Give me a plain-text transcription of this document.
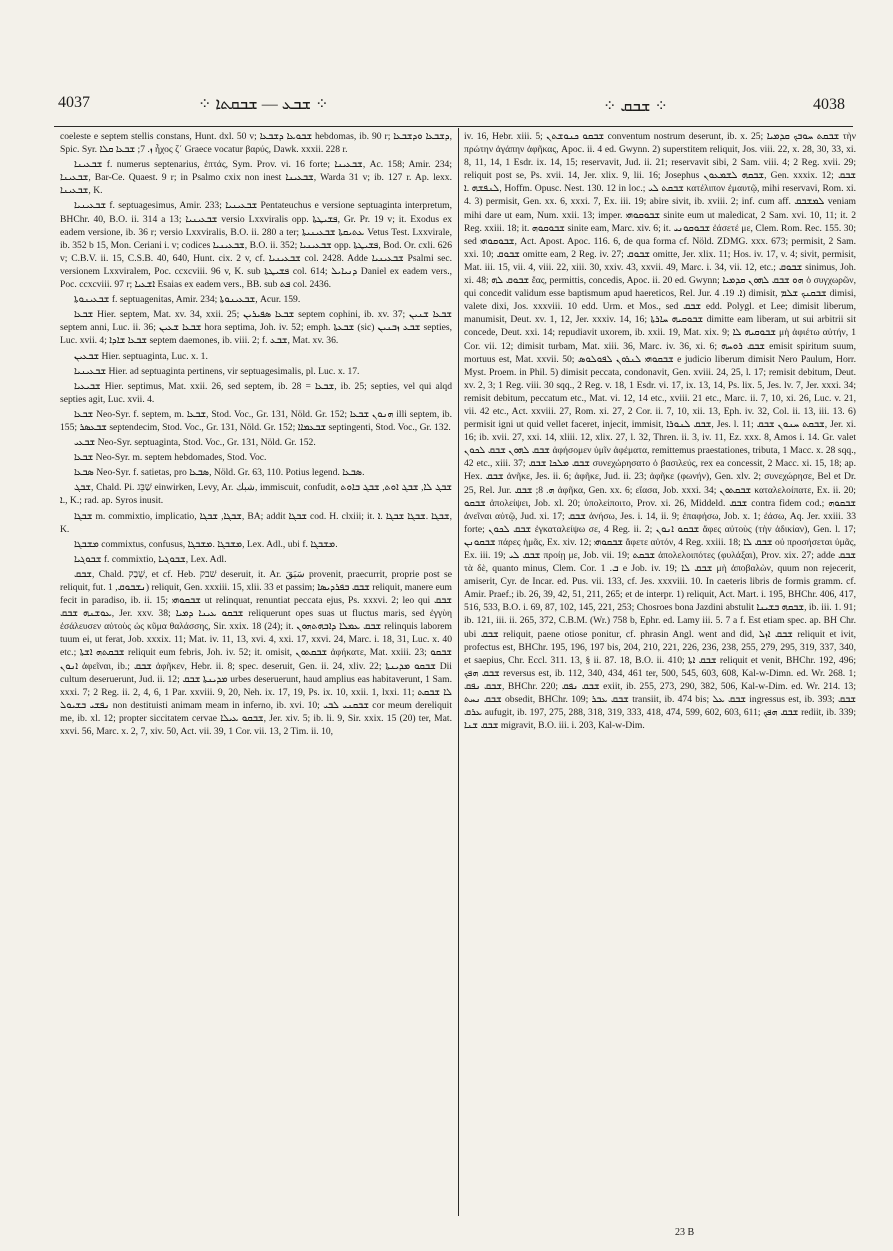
4037	⁘ ܫܒܥ — ܫܒܩܬܐ ⁘	⁘ ܫܒܩ ⁘	4038

coeleste e septem stellis constans, Hunt. dxl. 50 v; ܫܒܘܥܐ ܕܫܒܥܐ hebdomas, ib. 90 r; ܕܫܒܥܐ ܘܕܫܒܥܐ, Spic. Syr. ܙ. 7; ܫܒܥܐ ܩܠܐ ἦχος ζ΄ Graece vocatur βαρύς, Dawk. xxxii. 228 r.

ܫܒܥܝܢܐ f. numerus septenarius, ἑπτάς, Sym. Prov. vi. 16 forte; ܫܒܥܝܢܐ, Ac. 158; Amir. 234; ܫܒܥܝܢܐ, Bar-Ce. Quaest. 9 r; in Psalmo cxix non inest ܫܒܥܝܢܐ, Warda 31 v; ib. 127 r. Ap. lexx. ܫܒܥܝܢܐ, K.

ܫܒܥܝܢܝܐ f. septuagesimus, Amir. 233; ܫܒܥܝܢܝܐ Pentateuchus e versione septuaginta interpretum, BHChr. 40, B.O. ii. 314 a 13; ܫܒܥܝܢܝܐ versio Lxxviralis opp. ܦܫܝܛܬܐ, Gr. Pr. 19 v; it. Exodus ex eadem versione, ib. 36 r; versio Lxxviralis, B.O. ii. 280 a ter; ܥܬܝܩܬܐ ܫܒܥܝܢܝܬܐ Vetus Test. Lxxvirale, ib. 352 b 15, Mon. Ceriani i. v; codices ܫܒܥܝܢܝܐ, B.O. ii. 352; ܫܒܥܝܢܝܐ opp. ܦܫܝܛܬܐ, Bod. Or. cxli. 626 v; C.B.V. ii. 15, C.S.B. 40, 640, Hunt. cix. 2 v, cf. ܫܒܥܝܢܝܐ col. 2428. Adde ܫܒܥܝܢܝܐ Psalmi sec. versionem Lxxviralem, Poc. ccxcviii. 96 v, K. sub ܦܫܝܛܬܐ col. 614; ܕܢܝܐܝܠ Daniel ex eadem vers., Poc. ccxcviii. 97 r; ܐܫܥܝܐ Esaias ex eadem vers., BB. sub ܦܬ col. 2436.

ܫܒܥܝܢܘܬܐ f. septuagenitas, Amir. 234; ܫܒܥܝܢܘܬܐ, Acur. 159.

ܫܒܥܐ Hier. septem, Mat. xv. 34, xxii. 25; ܫܒܥܐ ܣܦܝܪܝܢ septem cophini, ib. xv. 37; ܫܒܥܐ ܫܢܝܢ septem anni, Luc. ii. 36; ܫܒܥܐ ܫܥܝܢ hora septima, Joh. iv. 52; emph. ܫܒܥܬܐ (sic) ܫܒܥ ܙܒܢܝܢ septies, Luc. xvii. 4; ܫܒܥܐ ܫܐܕܐ septem daemones, ib. viii. 2; f. ܫܒܥ, Mat. xv. 36.

ܫܒܥܝܢ Hier. septuaginta, Luc. x. 1.

ܫܒܥܝܢܝܐ Hier. ad septuaginta pertinens, vir septuagesimalis, pl. Luc. x. 17.

ܫܒܝܥܝܐ Hier. septimus, Mat. xxii. 26, sed septem, ib. 28 = ܫܒܥܐ, ib. 25; septies, vel qui alqd septies agit, Luc. xvii. 4.

ܫܒܥܐ Neo-Syr. f. septem, m. ܫܒܥܐ, Stod. Voc., Gr. 131, Nöld. Gr. 152; ܗܢܘܢ ܫܒܥܐ illi septem, ib. 155; ܫܒܥܣܪ septendecim, Stod. Voc., Gr. 131, Nöld. Gr. 152; ܫܒܥܡܐܐ septingenti, Stod. Voc., Gr. 132.

ܫܒܥܝ Neo-Syr. septuaginta, Stod. Voc., Gr. 131, Nöld. Gr. 152.

ܫܒܥܐ Neo-Syr. m. septem hebdomades, Stod. Voc.

ܣܒܥܐ Neo-Syr. f. satietas, pro ܣܒܥܐ, Nöld. Gr. 63, 110. Potius legend. ܣܒܥܐ.

ܫܒܓ, Chald. Pi. שַׁבֵּג einwirken, Levy, Ar. شبك, immiscuit, confudit, ܫܒܓ ܠܐ, ܫܒܓ ܐܘܬ, ܫܒܓ ܒܐܘܬ .ܐ, K.; rad. ap. Syros inusit.

ܫܒܓܐ m. commixtio, implicatio, ܫܒܓܐ, ܫܒܓܐ, BA; addit ܫܒܓܐ cod. H. clxiii; it. ܫܒܓܐ .ܫܒܓܐ ܫܒܓܐ .ܐ, K.

ܡܫܒܓܐ commixtus, confusus, ܡܫܒܓܐ .ܡܫܒܓܐ, Lex. Adl., ubi f. ܡܫܒܓܐ.

ܫܒܘܓܝܐ f. commixtio, ܫܒܘܓܝܐ, Lex. Adl.

ܫܒܩ, Chald. שְׁבַק, et cf. Heb. שׁבק deseruit, it. Ar. سَبَقَ provenit, praecurrit, proprie post se reliquit, fut. ܢܫܒܘܩ, 1) reliquit, Gen. xxxiii. 15, xlii. 33 et passim; ܫܒܩ ܒܦܪܕܝܣܐ reliquit, manere eum fecit in paradiso, ib. ii. 15; ܫܒܩܘܗܝ ut relinquat, renuntiat peccata ejus, Ps. xxxvi. 2; leo qui ܫܒܩ ܥܘܫܢܗ ܫܒܩ, Jer. xxv. 38; ܫܒܩܘ ܥܝܢܐ ܕܡܝܐ reliquerunt opes suas ut fluctus maris, sed ἐγγὺη ἐσάλευσεν αὐτοὺς ὡς κῦμα θαλάσσης, Sir. xxix. 18 (24); it. ܫܒܩ ܥܡܠܐ ܕܐܒܗܬܗܘܢ relinquis laborem tuum ei, ut ferat, Job. xxxix. 11; Mat. iv. 11, 13, xvi. 4, xxi. 17, xxvi. 24, Marc. i. 18, 31, Luc. x. 40 etc.; ܫܒܩܬܗ ܐܫܬܐ reliquit eum febris, Joh. iv. 52; it. omisit, ܫܒܩܬܘܢ ἀφήκατε, Mat. xxiii. 23; ܫܒܩܘ ܐܢܘܢ ἀφεῖναι, ib.; ܫܒܩ ἀφῆκεν, Hebr. ii. 8; spec. deseruit, Gen. ii. 24, xliv. 22; ܫܒܩܘ ܡܕܝܢܬܐ Dii cultum deseruerunt, Jud. ii. 12; ܡܕܝܢܬܐ ܫܒܩ urbes deseruerunt, haud amplius eas habitaverunt, 1 Sam. xxxi. 7; 2 Reg. ii. 2, 4, 6, 1 Par. xxviii. 9, 20, Neh. ix. 17, 19, Ps. ix. 10, xxii. 1, lxxi. 11; ܠܐ ܫܒܩܬ ܢܦܫܝ ܒܫܝܘܠ non destituisti animam meam in inferno, ib. xvi. 10; ܫܒܩܢܝ ܠܒܝ cor meum dereliquit me, ib. xl. 12; propter siccitatem cervae ܫܒܩܘ ܥܝܠܐ, Jer. xiv. 5; ib. li. 9, Sir. xxix. 15 (20) ter, Mat. xxvi. 56, Marc. x. 2, 7, xiv. 50, Act. vii. 39, 1 Cor. vii. 13, 2 Tim. ii. 10,

iv. 16, Hebr. xiii. 5; ܫܒܩܘ ܟܢܘܫܬܢ conventum nostrum deserunt, ib. x. 25; ܫܒܩܬ ܚܘܒܟ ܩܕܡܝܐ τὴν πρώτην ἀγάπην ἀφῆκας, Apoc. ii. 4 ed. Gwynn. 2) superstitem reliquit, Jos. viii. 22, x. 28, 30, 33, xi. 8, 11, 14, 1 Esdr. ix. 14, 15; reservavit, Jud. ii. 21; reservavit sibi, 2 Sam. viii. 4; 2 Reg. xvii. 29; reliquit post se, Ps. xvii. 14, Jer. xlix. 9, lii. 16; Josephus ܫܒܩܗ ܠܫܡܥܘܢ, Gen. xxxix. 12; ܫܒܩ ܠܢܦܫܗ .ܐ, Hoffm. Opusc. Nest. 130. 12 in loc.; ܫܒܩܬ ܠܝ κατέλιπον ἐμαυτῷ, mihi reservavi, Rom. xi. 4. 3) permisit, Gen. xx. 6, xxxi. 7, Ex. iii. 19; abire sivit, ib. xviii. 2; inf. cum aff. ܠܡܫܒܩ veniam mihi dare ut eam, Num. xxii. 13; imper. ܫܒܘܩܘܗܝ sinite eum ut maledicat, 2 Sam. xvi. 10, 11; it. 2 Reg. xxiii. 18; it. ܫܒܘܩܘܗ sinite eam, Marc. xiv. 6; it. ܫܒܘܩܘܢܝ ἐάσετέ με, Clem. Rom. Rec. 155. 30; sed ܫܒܘܩܘܗܝ, Act. Apost. Apoc. 116. 6, de qua forma cf. Nöld. ZDMG. xxx. 673; permisit, 2 Sam. xxi. 10; ܫܒܘܩ omitte eam, 2 Reg. iv. 27; ܫܒܘܩ omitte, Jer. xlix. 11; Hos. iv. 17, v. 4; sivit, permisit, Mat. iii. 15, vii. 4, viii. 22, xiii. 30, xxiv. 43, xxvii. 49, Marc. i. 34, vii. 12, etc.; ܫܒܘܩ sinimus, Joh. xi. 48; ܫܒܘܩ ܠܗ ἔας, permittis, concedis, Apoc. ii. 20 ed. Gwynn; ܗܘ ܫܒܩ ܠܗܘܢ ܩܕܡܝܐ ὁ συγχωρῶν, qui concedit validum esse baptismum apud haereticos, Rel. Jur. ܐ. 19. 4) dimisit, ܫܒܩܢܟ ܫܠܡ dimisi, valete dixi, Jos. xxxviii. 10 edd. Urm. et Mos., sed ܫܒܩ edd. Polygl. et Lee; dimisit liberum, manumisit, Deut. xv. 1, 12, Jer. xxxiv. 14, 16; ܫܒܘܩܝܗ ܚܐܪܬܐ dimitte eam liberam, ut sui arbitrii sit concede, Deut. xxi. 14; repudiavit uxorem, ib. xxii. 19, Mat. xix. 9; ܫܒܘܩܝܗ ܠܐ μὴ ἀφιέτω αὐτήν, 1 Cor. vii. 12; dimisit turbam, Mat. xiii. 36, Marc. iv. 36, xi. 6; ܫܒܩ ܪܘܚܗ emisit spiritum suum, mortuus est, Mat. xxvii. 50; ܫܒܩܘܗܝ ܠܢܪܘܢ ܠܦܘܠܘܣ e judicio liberum dimisit Nero Paulum, Horr. Myst. Proem. in Phil. 5) dimisit peccata, condonavit, Gen. xviii. 24, 25, l. 17; remisit debitum, Deut. xv. 2, 3; 1 Reg. viii. 30 sqq., 2 Reg. v. 18, 1 Esdr. vi. 17, ix. 13, 14, Ps. lix. 5, Jes. lv. 7, Jer. xxxi. 34; remisit debitum, peccatum etc., Mat. vi. 12, 14 etc., xviii. 21 etc., Marc. ii. 7, 10, xi. 26, Luc. v. 21, vii. 42 etc., Act. xxviii. 27, Rom. xi. 27, 2 Cor. ii. 7, 10, xii. 13, Eph. iv. 32, Col. ii. 13, iii. 13. 6) permisit igni ut quid vellet faceret, injecit, immisit, ܫܒܩ ܠܢܘܪܐ, Jes. l. 11; ܫܒܩܬ ܚܢܘܢ ܫܒܩ, Jer. xi. 16; ib. xvii. 27, xxi. 14, xliii. 12, xlix. 27, l. 32, Thren. ii. 3, iv. 11, Ez. xxx. 8, Amos i. 14. Gr. valet ܫܒܩ ܠܗܘܢ ܫܒܩ ܠܟܘܢ ἀφήσομεν ὑμῖν ἀφέματα, remittemus praestationes, tributa, 1 Macc. x. 28 sqq., 42 etc., xiii. 37; ܫܒܩ ܡܠܟܐ ܫܒܩ συνεχώρησατο ὁ βασιλεύς, rex ea concessit, 2 Macc. xi. 15, 18; ap. Hex. ܫܒܩ ἀνῆκε, Jes. ii. 6; ἀφῆκε, Jud. ii. 23; ἀφῆκε (φωνήν), Gen. xlv. 2; συνεχώρησε, Bel et Dr. 25, Rel. Jur. ܗ. 8; ܫܒܩ ἀφῆκα, Gen. xx. 6; εἴασα, Job. xxxi. 34; ܫܒܩܬܘܢ καταλελοίπατε, Ex. ii. 20; ܫܒܩܘ ἀπολείψει, Job. xl. 20; ὑπολείποιτο, Prov. xi. 26, Middeld. ܫܒܩ contra fidem cod.; ܫܒܩܘܗ ἀνεῖναι αὐτῷ, Jud. xi. 17; ܫܒܩ ἀνήσω, Jes. i. 14, ii. 9; ἐπαφήσω, Job. x. 1; ἐάσω, Aq. Jer. xxiii. 33 forte; ܫܒܩ ܠܟܘܢ ἐγκαταλείψω σε, 4 Reg. ii. 2; ܫܒܩܘ ܐܢܘܢ ἄφες αὐτοὺς (τὴν ἀδικίαν), Gen. l. 17; ܫܒܩܘܢܢ πάρες ἡμᾶς, Ex. xiv. 12; ܫܒܩܘܗܝ ἄφετε αὐτόν, 4 Reg. xxiii. 18; ܫܒܩ ܠܐ οὐ προσήσεται ὑμᾶς, Ex. iii. 19; ܫܒܩ ܠܝ προίῃ με, Job. vii. 19; ܫܒܩܬ ἀπολελοιπότες (φυλάξαι), Prov. xix. 27; adde ܫܒܩ τὰ δὲ, quanto minus, Clem. Cor. ܒ. 1 e Job. iv. 19; ܫܒܩ ܠܐ μὴ ἀποβαλὼν, quum non rejecerit, amiserit, Cyr. de Incar. ed. Pus. vii. 133, cf. Jes. xxxviii. 10. In caeteris libris de formis gramm. cf. Amir. Praef.; ib. 26, 39, 42, 51, 211, 265; et de interpr. 1) reliquit, Act. Mart. i. 195, BHChr. 406, 417, 516, 533, B.O. i. 69, 87, 102, 145, 221, 253; Chosroes bona Jazdini abstulit ܫܒܩܗ ܒܫܝܢܐ, ib. iii. 1. 91; ib. 121, iii. ii. 265, 372, C.B.M. (Wr.) 758 b, Ephr. ed. Lamy iii. 5. 7 a f. Est etiam spec. ap. BH Chr. ubi ܫܒܩ reliquit, paene otiose ponitur, cf. phrasin Angl. went and did, ܫܒܩ ܐܙܠ reliquit et ivit, profectus est, BHChr. 195, 196, 197 bis, 204, 210, 221, 226, 236, 238, 255, 279, 295, 319, 337, 340, et saepius, Chr. Eccl. 311. 13, § ii. 87. 18, B.O. ii. 410; ܫܒܩ ܐܬܐ reliquit et venit, BHChr. 192, 496; ܫܒܩ ܗܦܟ reversus est, ib. 112, 340, 434, 461 ter, 500, 545, 603, 608, Kal-w-Dimn. ed. Wr. 268. 1; ܫܒܩ ܢܦܩ, BHChr. 220; ܫܒܩ ܢܦܩ exiit, ib. 255, 273, 290, 382, 506, Kal-w-Dim. ed. Wr. 214. 13; ܫܒܩ ܢܚܬ obsedit, BHChr. 109; ܫܒܩ ܥܒܪ transiit, ib. 474 bis; ܫܒܩ ܥܠ ingressus est, ib. 393; ܫܒܩ ܥܪܩ aufugit, ib. 197, 275, 288, 318, 319, 333, 418, 474, 599, 602, 603, 611; ܫܒܩ ܗܦܟ rediit, ib. 339; ܫܒܩ ܫܢܐ migravit, B.O. iii. i. 203, Kal-w-Dim.

23 B
